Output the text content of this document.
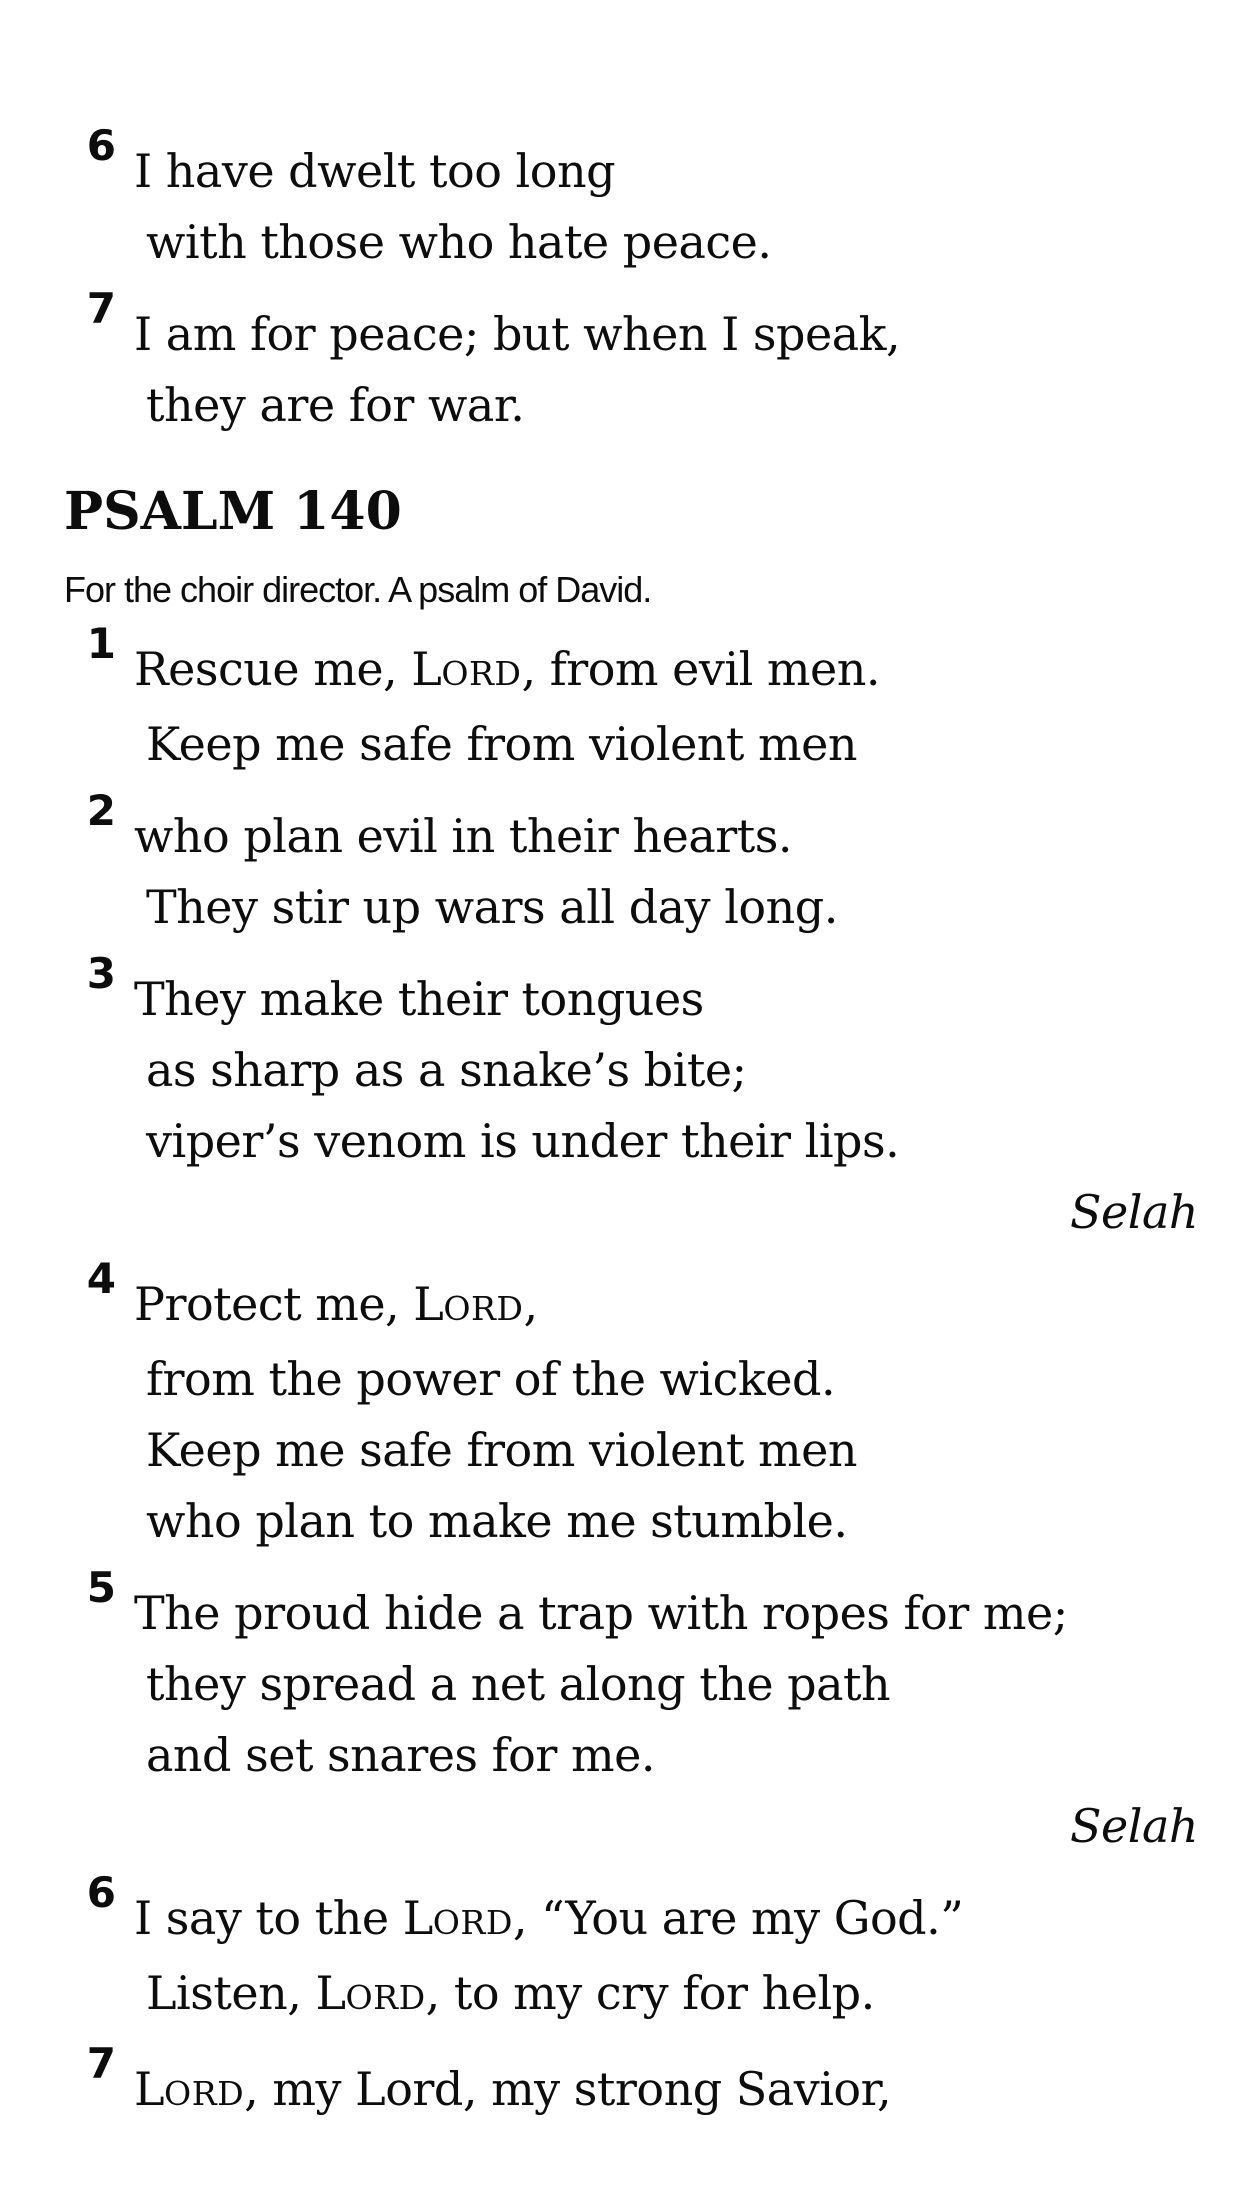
6 I have dwelt too long
with those who hate peace.
7 I am for peace; but when I speak,
they are for war.
PSALM 140

For the choir director. A psalm of David.

1 Rescue me, LORD, from evil men.
Keep me safe from violent men
2 who plan evil in their hearts.
They stir up wars all day long.
3 They make their tongues
as sharp as a snake’s bite;
viper’s venom is under their lips.
Selah
4 Protect me, LORD,
from the power of the wicked.
Keep me safe from violent men
who plan to make me stumble.
5 The proud hide a trap with ropes for me;
they spread a net along the path
and set snares for me.
Selah
6 I say to the LORD, “You are my God.”
Listen, LORD, to my cry for help.
7 LORD, my Lord, my strong Savior,
